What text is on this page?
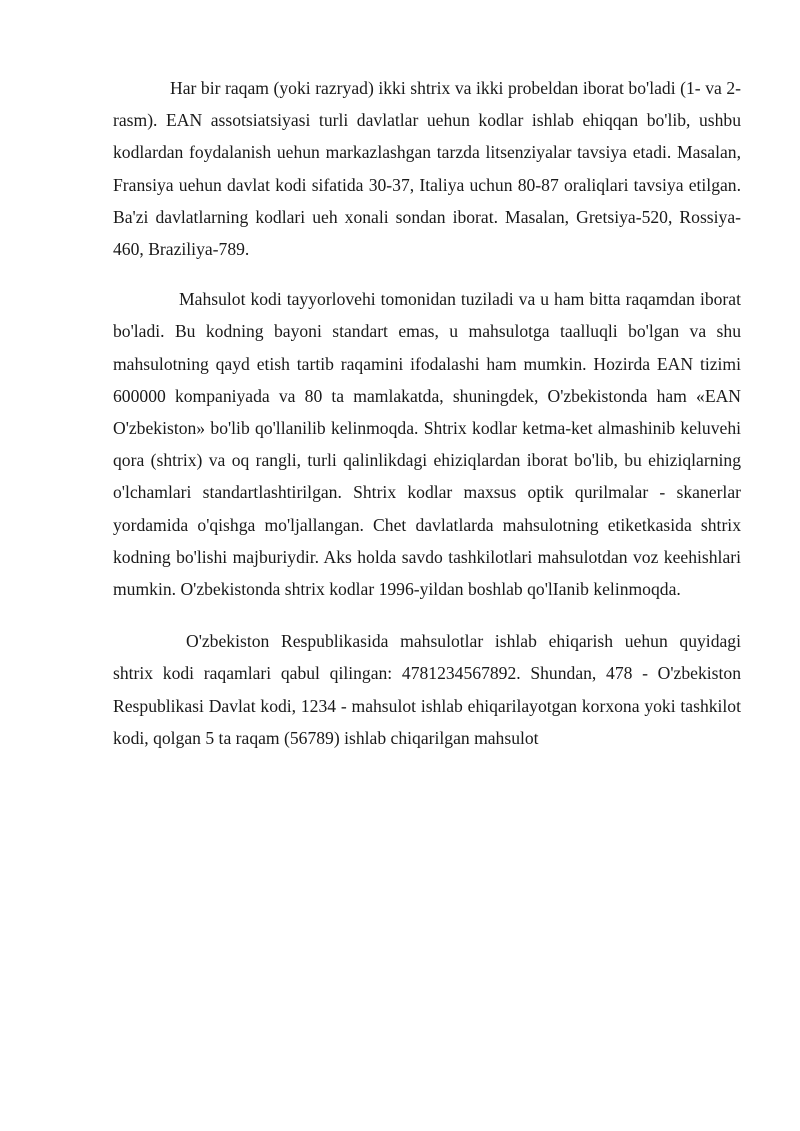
Har bir raqam (yoki razryad) ikki shtrix va ikki probeldan iborat bo'ladi (1- va 2-rasm). EAN assotsiatsiyasi turli davlatlar uehun kodlar ishlab ehiqqan bo'lib, ushbu kodlardan foydalanish uehun markazlashgan tarzda litsenziyalar tavsiya etadi. Masalan, Fransiya uehun davlat kodi sifatida 30-37, Italiya uchun 80-87 oraliqlari tavsiya etilgan. Ba'zi davlatlarning kodlari ueh xonali sondan iborat. Masalan, Gretsiya-520, Rossiya-460, Braziliya-789.

Mahsulot kodi tayyorlovehi tomonidan tuziladi va u ham bitta raqamdan iborat bo'ladi. Bu kodning bayoni standart emas, u mahsulotga taalluqli bo'lgan va shu mahsulotning qayd etish tartib raqamini ifodalashi ham mumkin. Hozirda EAN tizimi 600000 kompaniyada va 80 ta mamlakatda, shuningdek, O'zbekistonda ham «EAN O'zbekiston» bo'lib qo'llanilib kelinmoqda. Shtrix kodlar ketma-ket almashinib keluvehi qora (shtrix) va oq rangli, turli qalinlikdagi ehiziqlardan iborat bo'lib, bu ehiziqlarning o'lchamlari standartlashtirilgan. Shtrix kodlar maxsus optik qurilmalar - skanerlar yordamida o'qishga mo'ljallangan. Chet davlatlarda mahsulotning etiketkasida shtrix kodning bo'lishi majburiydir. Aks holda savdo tashkilotlari mahsulotdan voz keehishlari mumkin. O'zbekistonda shtrix kodlar 1996-yildan boshlab qo'lIanib kelinmoqda.

O'zbekiston Respublikasida mahsulotlar ishlab ehiqarish uehun quyidagi shtrix kodi raqamlari qabul qilingan: 4781234567892. Shundan, 478 - O'zbekiston Respublikasi Davlat kodi, 1234 - mahsulot ishlab ehiqarilayotgan korxona yoki tashkilot kodi, qolgan 5 ta raqam (56789) ishlab chiqarilgan mahsulot
